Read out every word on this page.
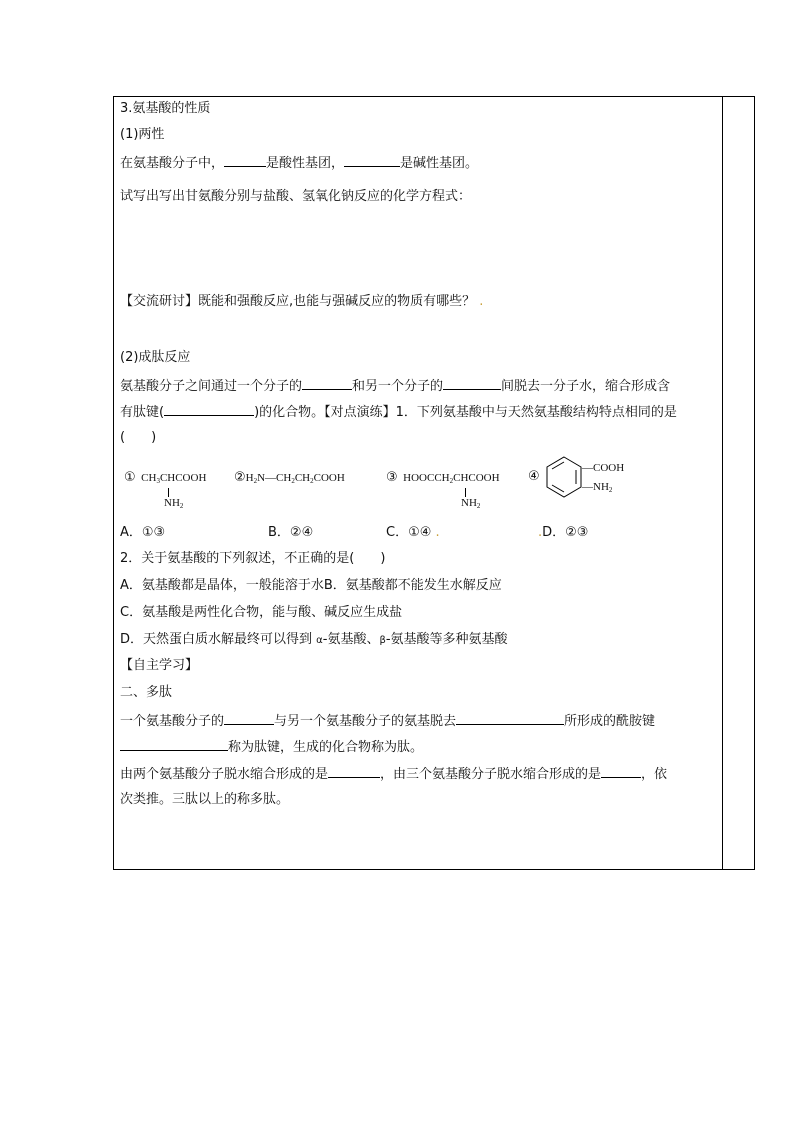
3.氨基酸的性质
(1)两性
在氨基酸分子中，	是酸性基团，	是碱性基团。
试写出写出甘氨酸分别与盐酸、氢氧化钠反应的化学方程式：
【交流研讨】既能和强酸反应,也能与强碱反应的物质有哪些？ .
(2)成肽反应
氨基酸分子之间通过一个分子的	和另一个分子的	间脱去一分子水，缩合形成含
有肽键(	)的化合物。【对点演练】1．下列氨基酸中与天然氨基酸结构特点相同的是
(　　)
① $CH_3CHCOOH$
$NH_2$
$②H_2N—CH_2CH_2COOH$	③ $HOOCCH_2CHCOOH$
$NH_2$
④
—COOH
$—NH_2$
A．①③	B．②④	C．①④ .	.D．②③
2．关于氨基酸的下列叙述，不正确的是(　　)
A．氨基酸都是晶体，一般能溶于水B．氨基酸都不能发生水解反应
C．氨基酸是两性化合物，能与酸、碱反应生成盐
D．天然蛋白质水解最终可以得到 α-氨基酸、β-氨基酸等多种氨基酸
【自主学习】
二、多肽
一个氨基酸分子的	与另一个氨基酸分子的氨基脱去	所形成的酰胺键
称为肽键，生成的化合物称为肽。
由两个氨基酸分子脱水缩合形成的是	，由三个氨基酸分子脱水缩合形成的是	，依
次类推。三肽以上的称多肽。
